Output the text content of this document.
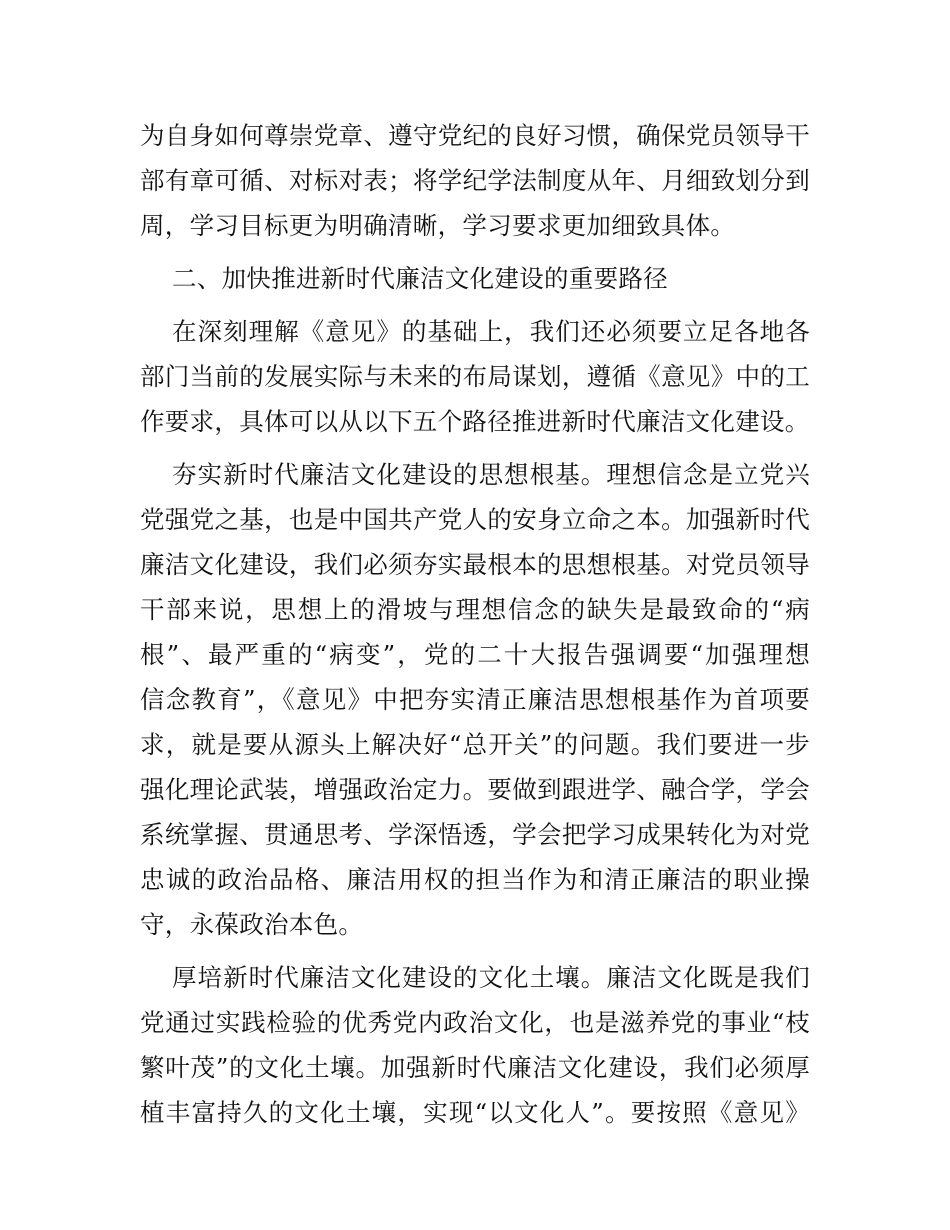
为自身如何尊崇党章、遵守党纪的良好习惯，确保党员领导干
部有章可循、对标对表；将学纪学法制度从年、月细致划分到
周，学习目标更为明确清晰，学习要求更加细致具体。
二、加快推进新时代廉洁文化建设的重要路径
在深刻理解《意见》的基础上，我们还必须要立足各地各
部门当前的发展实际与未来的布局谋划，遵循《意见》中的工
作要求，具体可以从以下五个路径推进新时代廉洁文化建设。
夯实新时代廉洁文化建设的思想根基。理想信念是立党兴
党强党之基，也是中国共产党人的安身立命之本。加强新时代
廉洁文化建设，我们必须夯实最根本的思想根基。对党员领导
干部来说，思想上的滑坡与理想信念的缺失是最致命的“病
根”、最严重的“病变”，党的二十大报告强调要“加强理想
信念教育”，《意见》中把夯实清正廉洁思想根基作为首项要
求，就是要从源头上解决好“总开关”的问题。我们要进一步
强化理论武装，增强政治定力。要做到跟进学、融合学，学会
系统掌握、贯通思考、学深悟透，学会把学习成果转化为对党
忠诚的政治品格、廉洁用权的担当作为和清正廉洁的职业操
守，永葆政治本色。
厚培新时代廉洁文化建设的文化土壤。廉洁文化既是我们
党通过实践检验的优秀党内政治文化，也是滋养党的事业“枝
繁叶茂”的文化土壤。加强新时代廉洁文化建设，我们必须厚
植丰富持久的文化土壤，实现“以文化人”。要按照《意见》
